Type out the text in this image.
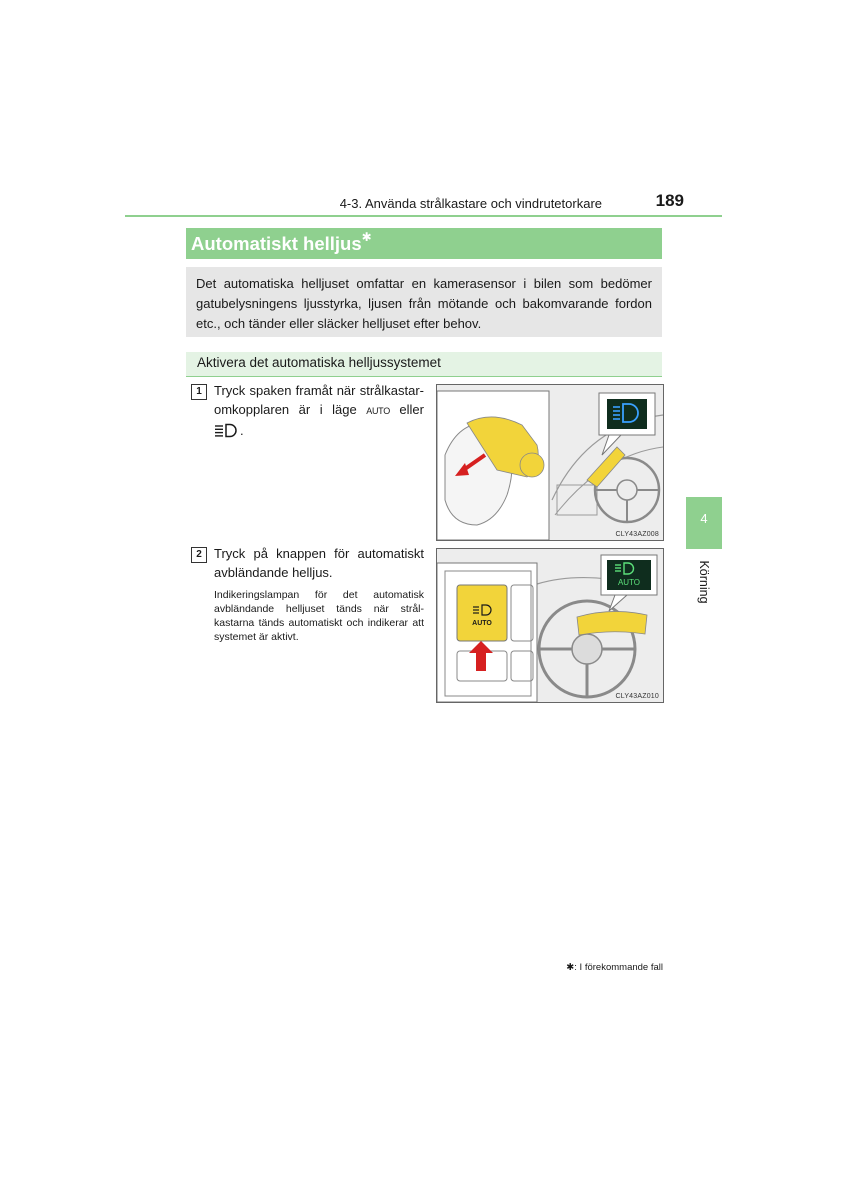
4-3. Använda strålkastare och vindrutetorkare	189
Automatiskt helljus✱

Det automatiska helljuset omfattar en kamerasensor i bilen som bedömer gatubelysningens ljusstyrka, ljusen från mötande och bakomvarande fordon etc., och tänder eller släcker helljuset efter behov.

Aktivera det automatiska helljussystemet
1 Tryck spaken framåt när strålkastar-omkopplaren är i läge AUTO eller .
CLY43AZ008
2 Tryck på knappen för automatiskt avbländande helljus.
Indikeringslampan för det automatisk avbländande helljuset tänds när strål-kastarna tänds automatiskt och indikerar att systemet är aktivt.
AUTO
AUTO
CLY43AZ010
4
Körning
✱: I förekommande fall
